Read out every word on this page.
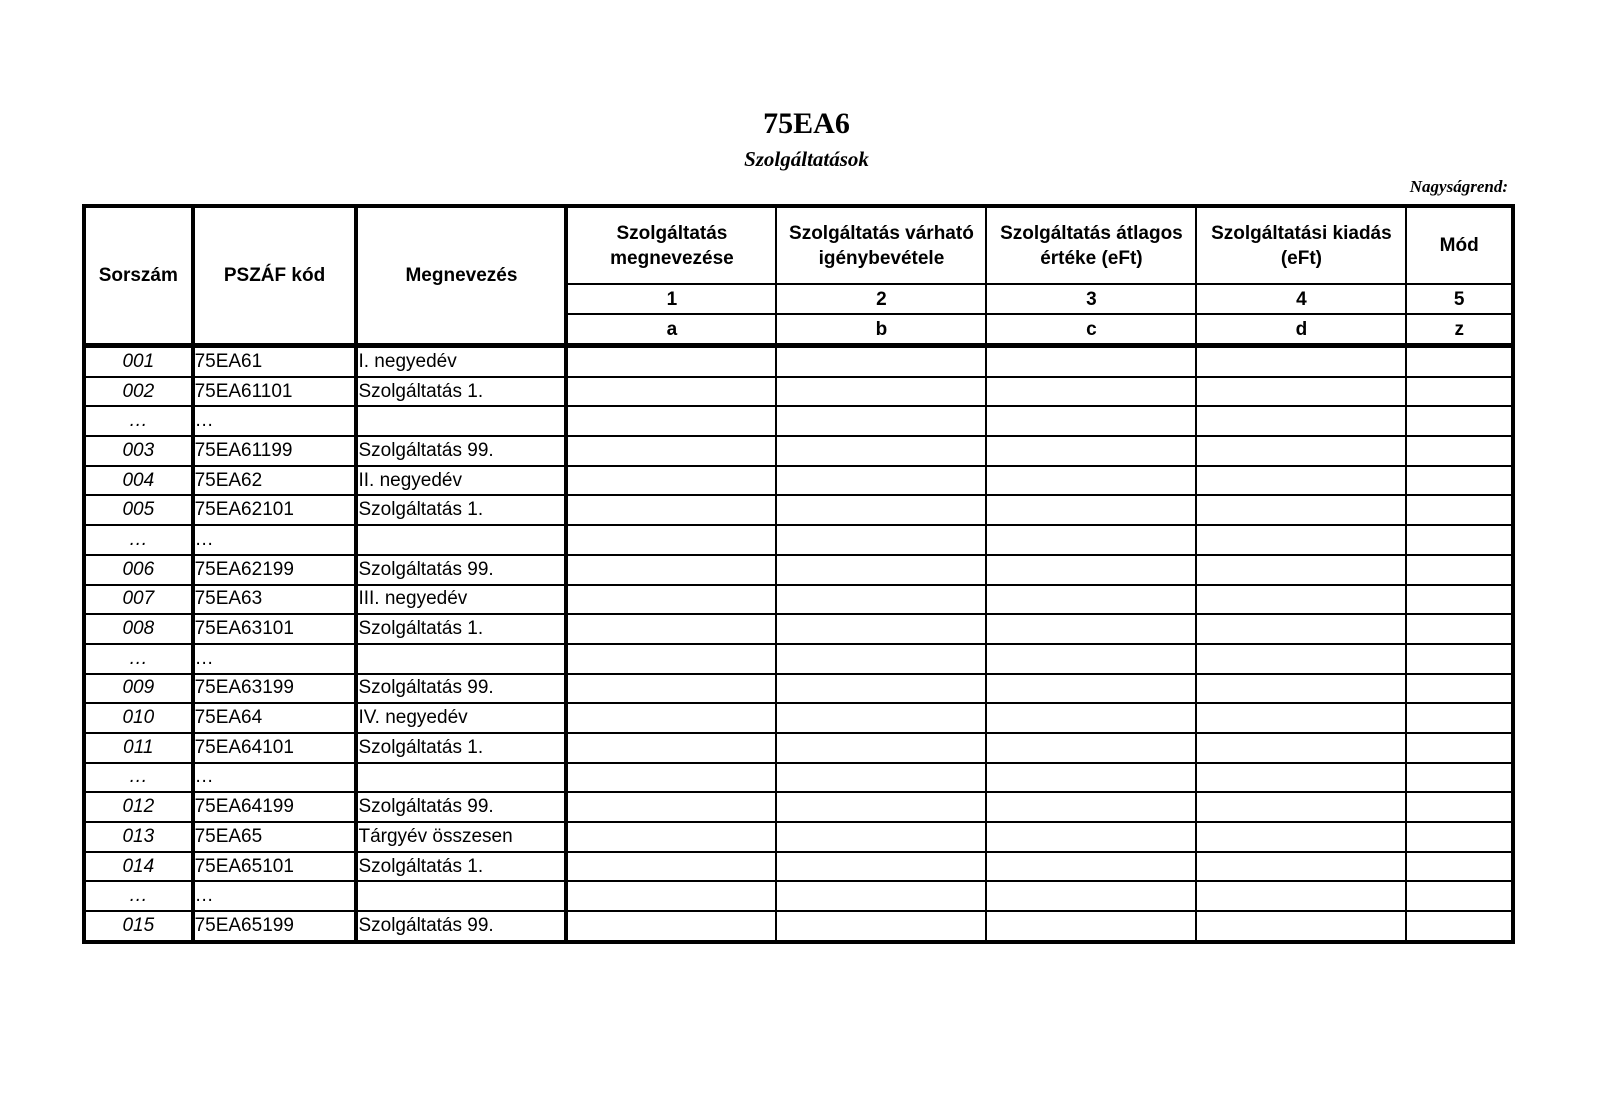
75EA6
Szolgáltatások
Nagyságrend:
Sorszám	PSZÁF kód	Megnevezés	Szolgáltatás megnevezése	Szolgáltatás várható igénybevétele	Szolgáltatás átlagos értéke (eFt)	Szolgáltatási kiadás (eFt)	Mód
			1	2	3	4	5
			a	b	c	d	z
001	75EA61	I. negyedév					
002	75EA61101	Szolgáltatás 1.					
…	…						
003	75EA61199	Szolgáltatás 99.					
004	75EA62	II. negyedév					
005	75EA62101	Szolgáltatás 1.					
…	…						
006	75EA62199	Szolgáltatás 99.					
007	75EA63	III. negyedév					
008	75EA63101	Szolgáltatás 1.					
…	…						
009	75EA63199	Szolgáltatás 99.					
010	75EA64	IV. negyedév					
011	75EA64101	Szolgáltatás 1.					
…	…						
012	75EA64199	Szolgáltatás 99.					
013	75EA65	Tárgyév összesen					
014	75EA65101	Szolgáltatás 1.					
…	…						
015	75EA65199	Szolgáltatás 99.					
